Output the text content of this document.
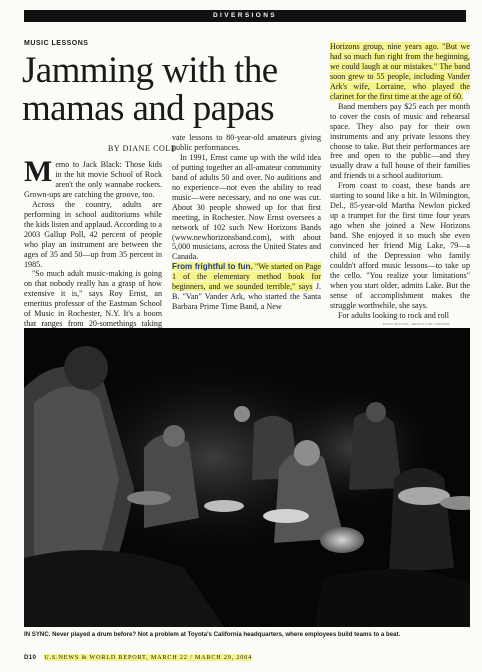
DIVERSIONS
MUSIC LESSONS
Jamming with the mamas and papas
BY DIANE COLE

Memo to Jack Black: Those kids in the hit movie School of Rock aren't the only wannabe rockers. Grown-ups are catching the groove, too.

Across the country, adults are performing in school auditoriums while the kids listen and applaud. According to a 2003 Gallup Poll, 42 percent of people who play an instrument are between the ages of 35 and 50—up from 35 percent in 1985.

"So much adult music-making is going on that nobody really has a grasp of how extensive it is," says Roy Ernst, an emeritus professor of the Eastman School of Music in Rochester, N.Y. It's a boom that ranges from 20-somethings taking

vate lessons to 80-year-old amateurs giving public performances.

In 1991, Ernst came up with the wild idea of putting together an all-amateur community band of adults 50 and over. No auditions and no experience—not even the ability to read music—were necessary, and no one was cut. About 30 people showed up for that first meeting, in Rochester. Now Ernst oversees a network of 102 such New Horizons Bands (www.newhorizonsband.com), with about 5,000 musicians, across the United States and Canada.

From frightful to fun. "We started on Page 1 of the elementary method book for beginners, and we sounded terrible," says J. B. "Van" Vander Ark, who started the Santa Barbara Prime Time Band, a New

Horizons group, nine years ago. "But we had so much fun right from the beginning, we could laugh at our mistakes." The band soon grew to 55 people, including Vander Ark's wife, Lorraine, who played the clarinet for the first time at the age of 60.

Band members pay $25 each per month to cover the costs of music and rehearsal space. They also pay for their own instruments and any private lessons they choose to take. But their performances are free and open to the public—and they usually draw a full house of their families and friends to a school auditorium.

From coast to coast, these bands are starting to sound like a hit. In Wilmington, Del., 85-year-old Martha Newlon picked up a trumpet for the first time four years ago when she joined a New Horizons band. She enjoyed it so much she even convinced her friend Mig Lake, 79—a child of the Depression who family couldn't afford music lessons—to take up the cello. "You realize your limitations" when you start older, admits Lake. But the sense of accomplishment makes the struggle worthwhile, she says.

For adults looking to rock and roll

DAVID BUTOW—REDUX FOR USN&WR
IN SYNC. Never played a drum before? Not a problem at Toyota's California headquarters, where employees build teams to a beat.
D10 U.S.NEWS & WORLD REPORT, MARCH 22 / MARCH 29, 2004
